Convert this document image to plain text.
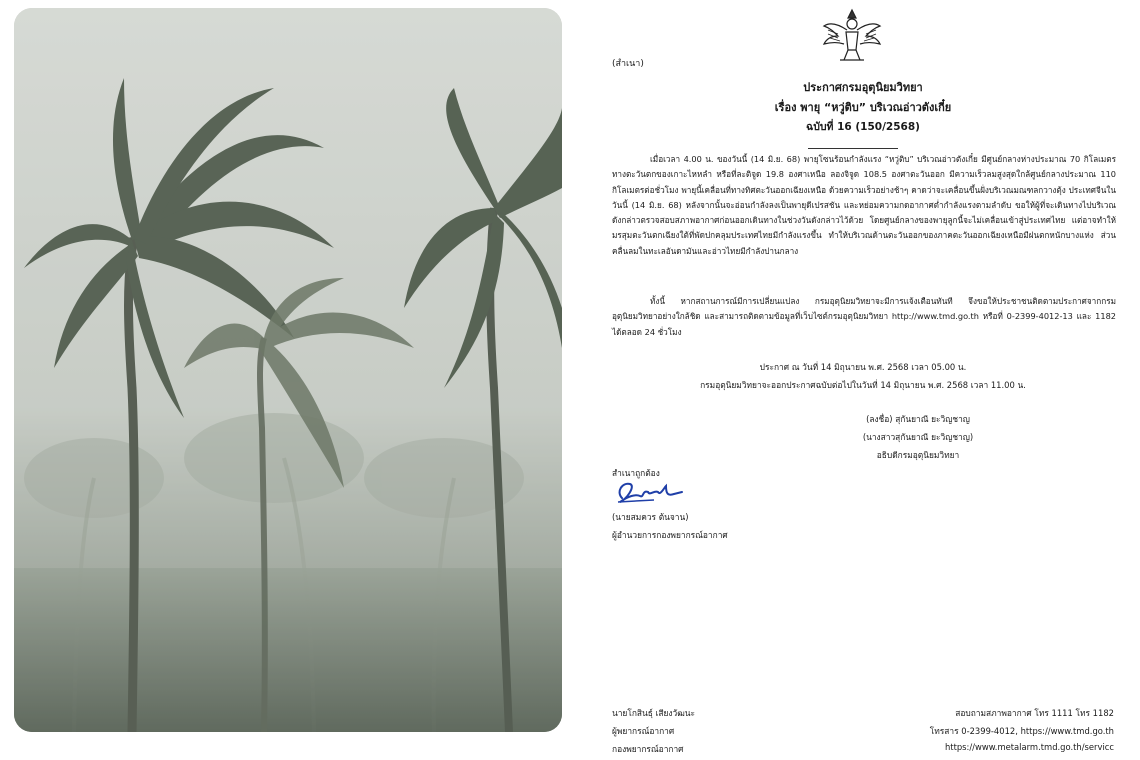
(สำเนา)
ประกาศกรมอุตุนิยมวิทยา
เรื่อง พายุ “หวู่ติบ” บริเวณอ่าวตังเกี๋ย
ฉบับที่ 16 (150/2568)
เมื่อเวลา 4.00 น. ของวันนี้ (14 มิ.ย. 68) พายุโซนร้อนกำลังแรง “หวู่ติบ” บริเวณอ่าวตังเกี๋ย มีศูนย์กลางห่างประมาณ 70 กิโลเมตร ทางตะวันตกของเกาะไหหลำ หรือที่ละติจูด 19.8 องศาเหนือ ลองจิจูด 108.5 องศาตะวันออก มีความเร็วลมสูงสุดใกล้ศูนย์กลางประมาณ 110 กิโลเมตรต่อชั่วโมง พายุนี้เคลื่อนที่ทางทิศตะวันออกเฉียงเหนือ ด้วยความเร็วอย่างช้าๆ คาดว่าจะเคลื่อนขึ้นฝั่งบริเวณมณฑลกวางตุ้ง ประเทศจีนในวันนี้ (14 มิ.ย. 68) หลังจากนั้นจะอ่อนกำลังลงเป็นพายุดีเปรสชัน และหย่อมความกดอากาศต่ำกำลังแรงตามลำดับ ขอให้ผู้ที่จะเดินทางไปบริเวณดังกล่าวตรวจสอบสภาพอากาศก่อนออกเดินทางในช่วงวันดังกล่าวไว้ด้วย โดยศูนย์กลางของพายุลูกนี้จะไม่เคลื่อนเข้าสู่ประเทศไทย แต่อาจทำให้มรสุมตะวันตกเฉียงใต้ที่พัดปกคลุมประเทศไทยมีกำลังแรงขึ้น ทำให้บริเวณด้านตะวันออกของภาคตะวันออกเฉียงเหนือมีฝนตกหนักบางแห่ง ส่วนคลื่นลมในทะเลอันดามันและอ่าวไทยมีกำลังปานกลาง
ทั้งนี้ หากสถานการณ์มีการเปลี่ยนแปลง กรมอุตุนิยมวิทยาจะมีการแจ้งเตือนทันที จึงขอให้ประชาชนติดตามประกาศจากกรมอุตุนิยมวิทยาอย่างใกล้ชิด และสามารถติดตามข้อมูลที่เว็บไซต์กรมอุตุนิยมวิทยา http://www.tmd.go.th หรือที่ 0-2399-4012-13 และ 1182 ได้ตลอด 24 ชั่วโมง
ประกาศ ณ วันที่ 14 มิถุนายน พ.ศ. 2568 เวลา 05.00 น.
กรมอุตุนิยมวิทยาจะออกประกาศฉบับต่อไปในวันที่ 14 มิถุนายน พ.ศ. 2568 เวลา 11.00 น.
(ลงชื่อ) สุกันยาณี ยะวิญชาญ
(นางสาวสุกันยาณี ยะวิญชาญ)
อธิบดีกรมอุตุนิยมวิทยา
สำเนาถูกต้อง
(นายสมควร ต้นจาน)
ผู้อำนวยการกองพยากรณ์อากาศ
นายโกสินธุ์ เสียงวัฒนะ
ผู้พยากรณ์อากาศ
กองพยากรณ์อากาศ
สอบถามสภาพอากาศ โทร 1111 โทร 1182
โทรสาร 0-2399-4012, https://www.tmd.go.th
https://www.metalarm.tmd.go.th/servicc
